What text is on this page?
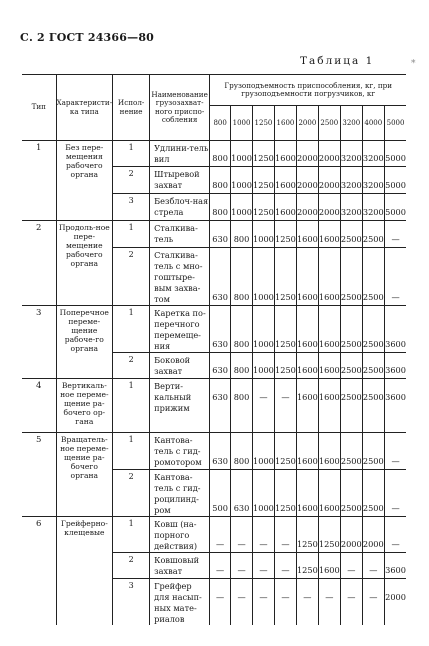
С. 2 ГОСТ 24366—80
Таблица 1	*
Тип	Характеристи-ка типа	Испол-нение	Наименование грузозахват-ного приспо-собления	Грузоподъемность приспособления, кг, при грузоподъемности погрузчиков, кг								
				800	1000	1250	1600	2000	2500	3200	4000	5000
1	Без пере-мещения рабочего органа	1	Удлини-тель вил	800	1000	1250	1600	2000	2000	3200	3200	5000
		2	Штыревой захват	800	1000	1250	1600	2000	2000	3200	3200	5000
		3	Безблоч-ная стрела	800	1000	1250	1600	2000	2000	3200	3200	5000
2	Продоль-ное пере-мещение рабочего органа	1	Сталкива-тель	630	800	1000	1250	1600	1600	2500	2500	—
		2	Сталкива-тель с мно-гоштыре-вым захва-том	630	800	1000	1250	1600	1600	2500	2500	—
3	Поперечное переме-щение рабоче-го органа	1	Каретка по-перечного перемеще-ния	630	800	1000	1250	1600	1600	2500	2500	3600
		2	Боковой захват	630	800	1000	1250	1600	1600	2500	2500	3600
4	Вертикаль-ное переме-щение ра-бочего ор-гана	1	Верти-кальный прижим	630	800	—	—	1600	1600	2500	2500	3600
5	Вращатель-ное переме-щение ра-бочего органа	1	Кантова-тель с гид-ромотором	630	800	1000	1250	1600	1600	2500	2500	—
		2	Кантова-тель с гид-роцилинд-ром	500	630	1000	1250	1600	1600	2500	2500	—
6	Грейферно-клещевые	1	Ковш (на-порного действия)	—	—	—	—	1250	1250	2000	2000	—
		2	Ковшовый захват	—	—	—	—	1250	1600	—	—	3600
		3	Грейфер для насып-ных мате-риалов	—	—	—	—	—	—	—	—	2000
